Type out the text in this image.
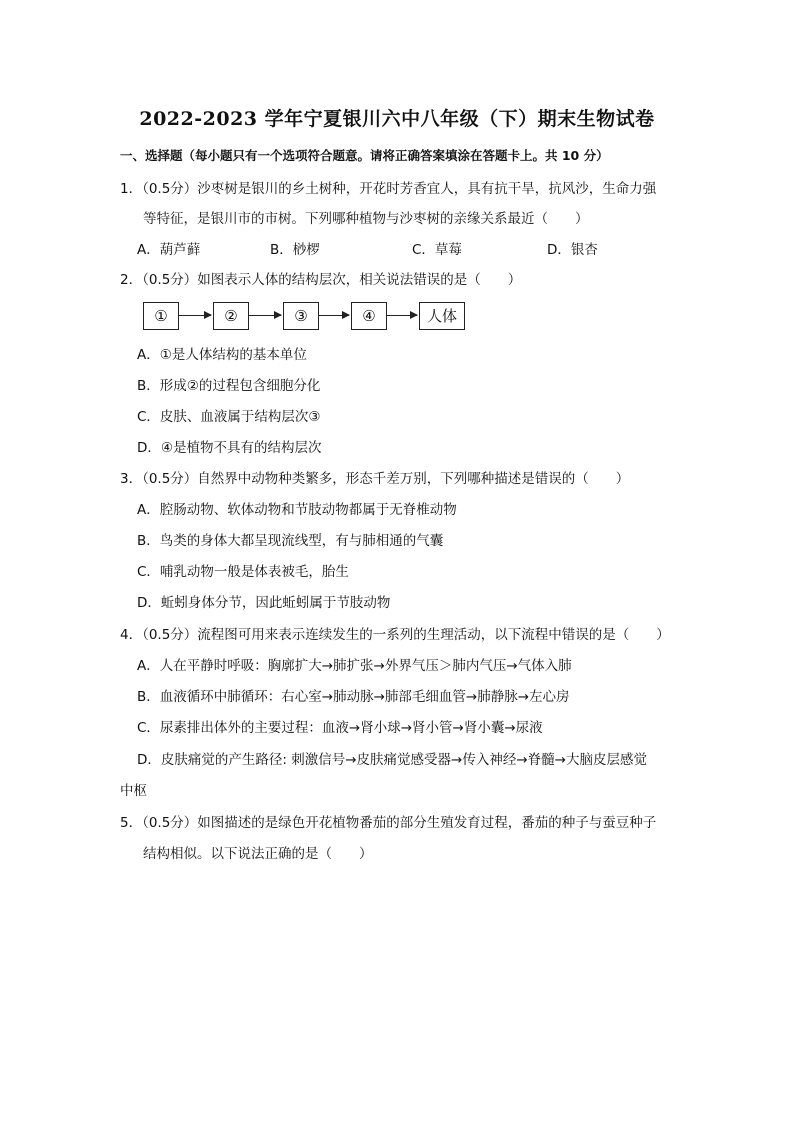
2022-2023 学年宁夏银川六中八年级（下）期末生物试卷
一、选择题（每小题只有一个选项符合题意。请将正确答案填涂在答题卡上。共 10 分）
1．（0.5分）沙枣树是银川的乡土树种，开花时芳香宜人，具有抗干旱，抗风沙，生命力强
等特征，是银川市的市树。下列哪种植物与沙枣树的亲缘关系最近（　　）
A．葫芦藓	B．桫椤	C．草莓	D．银杏
2．（0.5分）如图表示人体的结构层次，相关说法错误的是（　　）
①	②	③	④	人体
A．①是人体结构的基本单位
B．形成②的过程包含细胞分化
C．皮肤、血液属于结构层次③
D．④是植物不具有的结构层次
3．（0.5分）自然界中动物种类繁多，形态千差万别，下列哪种描述是错误的（　　）
A．腔肠动物、软体动物和节肢动物都属于无脊椎动物
B．鸟类的身体大都呈现流线型，有与肺相通的气囊
C．哺乳动物一般是体表被毛，胎生
D．蚯蚓身体分节，因此蚯蚓属于节肢动物
4．（0.5分）流程图可用来表示连续发生的一系列的生理活动，以下流程中错误的是（　　）
A．人在平静时呼吸：胸廓扩大→肺扩张→外界气压＞肺内气压→气体入肺
B．血液循环中肺循环：右心室→肺动脉→肺部毛细血管→肺静脉→左心房
C．尿素排出体外的主要过程：血液→肾小球→肾小管→肾小囊→尿液
D．皮肤痛觉的产生路径: 刺激信号→皮肤痛觉感受器→传入神经→脊髓→大脑皮层感觉
中枢
5．（0.5分）如图描述的是绿色开花植物番茄的部分生殖发育过程，番茄的种子与蚕豆种子
结构相似。以下说法正确的是（　　）
